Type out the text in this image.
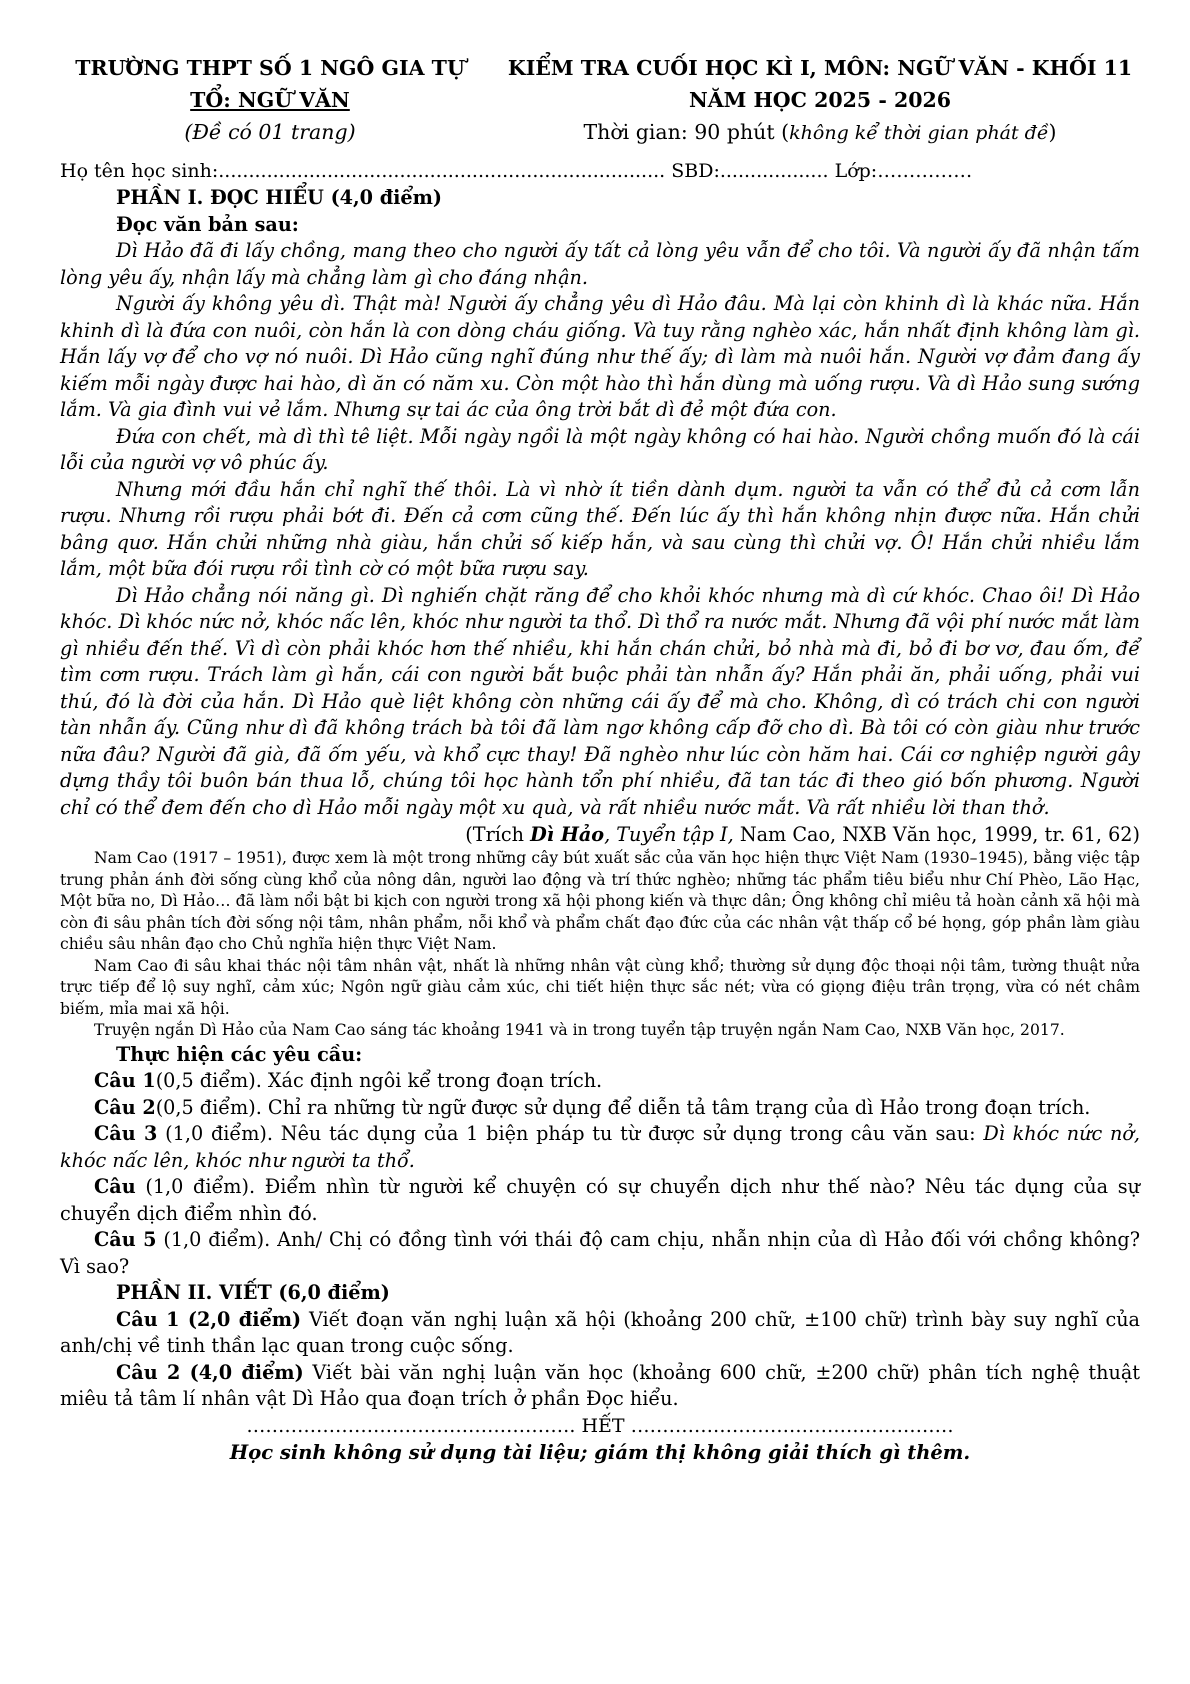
TRƯỜNG THPT SỐ 1 NGÔ GIA TỰ
TỔ: NGỮ VĂN
(Đề có 01 trang)
KIỂM TRA CUỐI HỌC KÌ I, MÔN: NGỮ VĂN - KHỐI 11
NĂM HỌC 2025 - 2026
Thời gian: 90 phút (không kể thời gian phát đề)
Họ tên học sinh:.......................................................................... SBD:.................. Lớp:……………
PHẦN I. ĐỌC HIỂU (4,0 điểm)
Đọc văn bản sau:

Dì Hảo đã đi lấy chồng, mang theo cho người ấy tất cả lòng yêu vẫn để cho tôi. Và người ấy đã nhận tấm lòng yêu ấy, nhận lấy mà chẳng làm gì cho đáng nhận.

Người ấy không yêu dì. Thật mà! Người ấy chẳng yêu dì Hảo đâu. Mà lại còn khinh dì là khác nữa. Hắn khinh dì là đứa con nuôi, còn hắn là con dòng cháu giống. Và tuy rằng nghèo xác, hắn nhất định không làm gì. Hắn lấy vợ để cho vợ nó nuôi. Dì Hảo cũng nghĩ đúng như thế ấy; dì làm mà nuôi hắn. Người vợ đảm đang ấy kiếm mỗi ngày được hai hào, dì ăn có năm xu. Còn một hào thì hắn dùng mà uống rượu. Và dì Hảo sung sướng lắm. Và gia đình vui vẻ lắm. Nhưng sự tai ác của ông trời bắt dì đẻ một đứa con.

Đứa con chết, mà dì thì tê liệt. Mỗi ngày ngồi là một ngày không có hai hào. Người chồng muốn đó là cái lỗi của người vợ vô phúc ấy.

Nhưng mới đầu hắn chỉ nghĩ thế thôi. Là vì nhờ ít tiền dành dụm. người ta vẫn có thể đủ cả cơm lẫn rượu. Nhưng rồi rượu phải bớt đi. Đến cả cơm cũng thế. Đến lúc ấy thì hắn không nhịn được nữa. Hắn chửi bâng quơ. Hắn chửi những nhà giàu, hắn chửi số kiếp hắn, và sau cùng thì chửi vợ. Ô! Hắn chửi nhiều lắm lắm, một bữa đói rượu rồi tình cờ có một bữa rượu say.

Dì Hảo chẳng nói năng gì. Dì nghiến chặt răng để cho khỏi khóc nhưng mà dì cứ khóc. Chao ôi! Dì Hảo khóc. Dì khóc nức nở, khóc nấc lên, khóc như người ta thổ. Dì thổ ra nước mắt. Nhưng đã vội phí nước mắt làm gì nhiều đến thế. Vì dì còn phải khóc hơn thế nhiều, khi hắn chán chửi, bỏ nhà mà đi, bỏ đi bơ vơ, đau ốm, để tìm cơm rượu. Trách làm gì hắn, cái con người bắt buộc phải tàn nhẫn ấy? Hắn phải ăn, phải uống, phải vui thú, đó là đời của hắn. Dì Hảo què liệt không còn những cái ấy để mà cho. Không, dì có trách chi con người tàn nhẫn ấy. Cũng như dì đã không trách bà tôi đã làm ngơ không cấp đỡ cho dì. Bà tôi có còn giàu như trước nữa đâu? Người đã già, đã ốm yếu, và khổ cực thay! Đã nghèo như lúc còn hăm hai. Cái cơ nghiệp người gây dựng thầy tôi buôn bán thua lỗ, chúng tôi học hành tổn phí nhiều, đã tan tác đi theo gió bốn phương. Người chỉ có thể đem đến cho dì Hảo mỗi ngày một xu quà, và rất nhiều nước mắt. Và rất nhiều lời than thở.

(Trích Dì Hảo, Tuyển tập I, Nam Cao, NXB Văn học, 1999, tr. 61, 62)

Nam Cao (1917 – 1951), được xem là một trong những cây bút xuất sắc của văn học hiện thực Việt Nam (1930–1945), bằng việc tập trung phản ánh đời sống cùng khổ của nông dân, người lao động và trí thức nghèo; những tác phẩm tiêu biểu như Chí Phèo, Lão Hạc, Một bữa no, Dì Hảo… đã làm nổi bật bi kịch con người trong xã hội phong kiến và thực dân; Ông không chỉ miêu tả hoàn cảnh xã hội mà còn đi sâu phân tích đời sống nội tâm, nhân phẩm, nỗi khổ và phẩm chất đạo đức của các nhân vật thấp cổ bé họng, góp phần làm giàu chiều sâu nhân đạo cho Chủ nghĩa hiện thực Việt Nam.

Nam Cao đi sâu khai thác nội tâm nhân vật, nhất là những nhân vật cùng khổ; thường sử dụng độc thoại nội tâm, tường thuật nửa trực tiếp để lộ suy nghĩ, cảm xúc; Ngôn ngữ giàu cảm xúc, chi tiết hiện thực sắc nét; vừa có giọng điệu trân trọng, vừa có nét châm biếm, mỉa mai xã hội.

Truyện ngắn Dì Hảo của Nam Cao sáng tác khoảng 1941 và in trong tuyển tập truyện ngắn Nam Cao, NXB Văn học, 2017.

Thực hiện các yêu cầu:

Câu 1(0,5 điểm). Xác định ngôi kể trong đoạn trích.

Câu 2(0,5 điểm). Chỉ ra những từ ngữ được sử dụng để diễn tả tâm trạng của dì Hảo trong đoạn trích.

Câu 3 (1,0 điểm). Nêu tác dụng của 1 biện pháp tu từ được sử dụng trong câu văn sau: Dì khóc nức nở, khóc nấc lên, khóc như người ta thổ.

Câu (1,0 điểm). Điểm nhìn từ người kể chuyện có sự chuyển dịch như thế nào? Nêu tác dụng của sự chuyển dịch điểm nhìn đó.

Câu 5 (1,0 điểm). Anh/ Chị có đồng tình với thái độ cam chịu, nhẫn nhịn của dì Hảo đối với chồng không? Vì sao?

PHẦN II. VIẾT (6,0 điểm)

Câu 1 (2,0 điểm) Viết đoạn văn nghị luận xã hội (khoảng 200 chữ, ±100 chữ) trình bày suy nghĩ của anh/chị về tinh thần lạc quan trong cuộc sống.

Câu 2 (4,0 điểm) Viết bài văn nghị luận văn học (khoảng 600 chữ, ±200 chữ) phân tích nghệ thuật miêu tả tâm lí nhân vật Dì Hảo qua đoạn trích ở phần Đọc hiểu.

……………………………………………. HẾT ……………………………………………
Học sinh không sử dụng tài liệu; giám thị không giải thích gì thêm.
